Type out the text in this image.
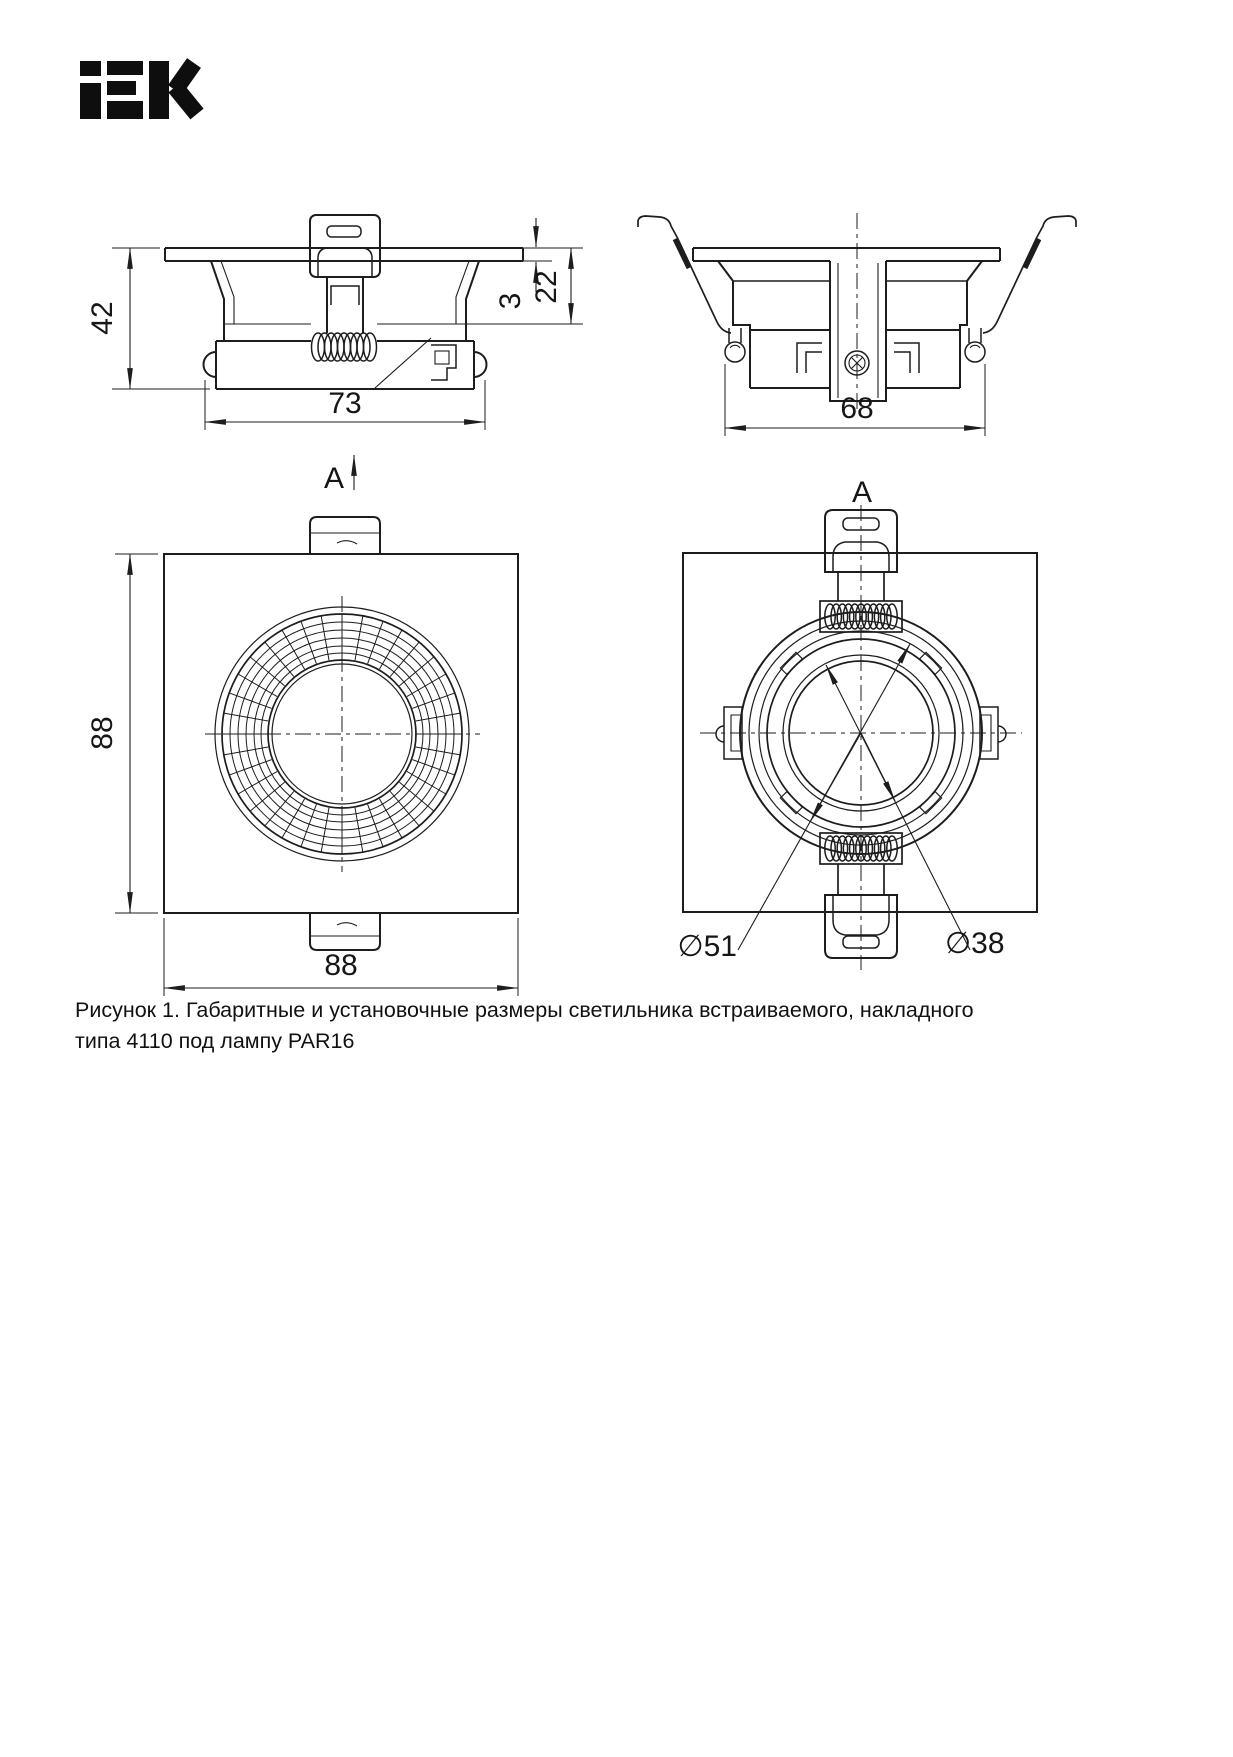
42
73
3 22
A
68
88
88
A
∅51	∅38
Рисунок 1. Габаритные и установочные размеры светильника встраиваемого, накладного
типа 4110 под лампу PAR16
